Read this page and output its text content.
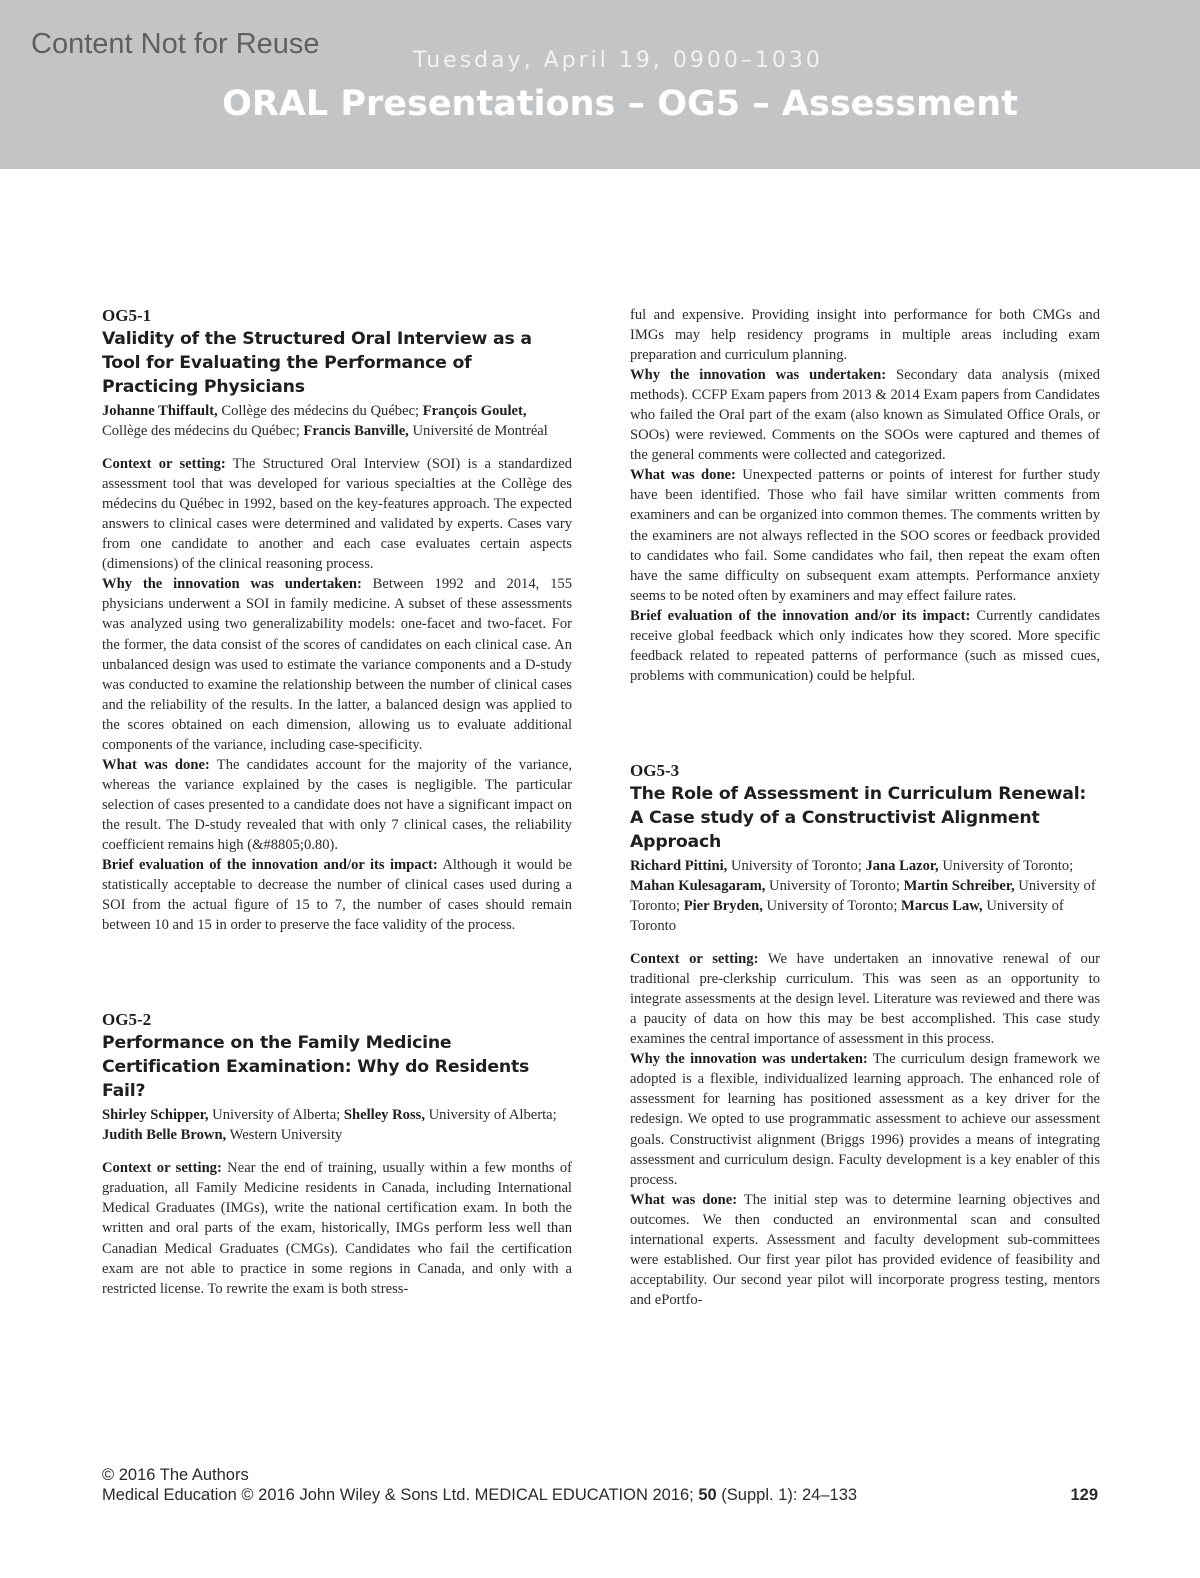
Content Not for Reuse
Tuesday, April 19, 0900–1030
ORAL Presentations – OG5 – Assessment
OG5-1
Validity of the Structured Oral Interview as a Tool for Evaluating the Performance of Practicing Physicians

Johanne Thiffault, Collège des médecins du Québec; François Goulet, Collège des médecins du Québec; Francis Banville, Université de Montréal

Context or setting: The Structured Oral Interview (SOI) is a standardized assessment tool that was developed for various specialties at the Collège des médecins du Québec in 1992, based on the key-features approach. The expected answers to clinical cases were determined and validated by experts. Cases vary from one candidate to another and each case evaluates certain aspects (dimensions) of the clinical reasoning process.

Why the innovation was undertaken: Between 1992 and 2014, 155 physicians underwent a SOI in family medicine. A subset of these assessments was analyzed using two generalizability models: one-facet and two-facet. For the former, the data consist of the scores of candidates on each clinical case. An unbalanced design was used to estimate the variance components and a D-study was conducted to examine the relationship between the number of clinical cases and the reliability of the results. In the latter, a balanced design was applied to the scores obtained on each dimension, allowing us to evaluate additional components of the variance, including case-specificity.

What was done: The candidates account for the majority of the variance, whereas the variance explained by the cases is negligible. The particular selection of cases presented to a candidate does not have a significant impact on the result. The D-study revealed that with only 7 clinical cases, the reliability coefficient remains high (&#8805;0.80).

Brief evaluation of the innovation and/or its impact: Although it would be statistically acceptable to decrease the number of clinical cases used during a SOI from the actual figure of 15 to 7, the number of cases should remain between 10 and 15 in order to preserve the face validity of the process.

OG5-2
Performance on the Family Medicine Certification Examination: Why do Residents Fail?

Shirley Schipper, University of Alberta; Shelley Ross, University of Alberta; Judith Belle Brown, Western University

Context or setting: Near the end of training, usually within a few months of graduation, all Family Medicine residents in Canada, including International Medical Graduates (IMGs), write the national certification exam. In both the written and oral parts of the exam, historically, IMGs perform less well than Canadian Medical Graduates (CMGs). Candidates who fail the certification exam are not able to practice in some regions in Canada, and only with a restricted license. To rewrite the exam is both stress-

ful and expensive. Providing insight into performance for both CMGs and IMGs may help residency programs in multiple areas including exam preparation and curriculum planning.

Why the innovation was undertaken: Secondary data analysis (mixed methods). CCFP Exam papers from 2013 & 2014 Exam papers from Candidates who failed the Oral part of the exam (also known as Simulated Office Orals, or SOOs) were reviewed. Comments on the SOOs were captured and themes of the general comments were collected and categorized.

What was done: Unexpected patterns or points of interest for further study have been identified. Those who fail have similar written comments from examiners and can be organized into common themes. The comments written by the examiners are not always reflected in the SOO scores or feedback provided to candidates who fail. Some candidates who fail, then repeat the exam often have the same difficulty on subsequent exam attempts. Performance anxiety seems to be noted often by examiners and may effect failure rates.

Brief evaluation of the innovation and/or its impact: Currently candidates receive global feedback which only indicates how they scored. More specific feedback related to repeated patterns of performance (such as missed cues, problems with communication) could be helpful.

OG5-3
The Role of Assessment in Curriculum Renewal: A Case study of a Constructivist Alignment Approach

Richard Pittini, University of Toronto; Jana Lazor, University of Toronto; Mahan Kulesagaram, University of Toronto; Martin Schreiber, University of Toronto; Pier Bryden, University of Toronto; Marcus Law, University of Toronto

Context or setting: We have undertaken an innovative renewal of our traditional pre-clerkship curriculum. This was seen as an opportunity to integrate assessments at the design level. Literature was reviewed and there was a paucity of data on how this may be best accomplished. This case study examines the central importance of assessment in this process.

Why the innovation was undertaken: The curriculum design framework we adopted is a flexible, individualized learning approach. The enhanced role of assessment for learning has positioned assessment as a key driver for the redesign. We opted to use programmatic assessment to achieve our assessment goals. Constructivist alignment (Briggs 1996) provides a means of integrating assessment and curriculum design. Faculty development is a key enabler of this process.

What was done: The initial step was to determine learning objectives and outcomes. We then conducted an environmental scan and consulted international experts. Assessment and faculty development sub-committees were established. Our first year pilot has provided evidence of feasibility and acceptability. Our second year pilot will incorporate progress testing, mentors and ePortfo-

© 2016 The Authors
Medical Education © 2016 John Wiley & Sons Ltd. MEDICAL EDUCATION 2016; 50 (Suppl. 1): 24–133	129
